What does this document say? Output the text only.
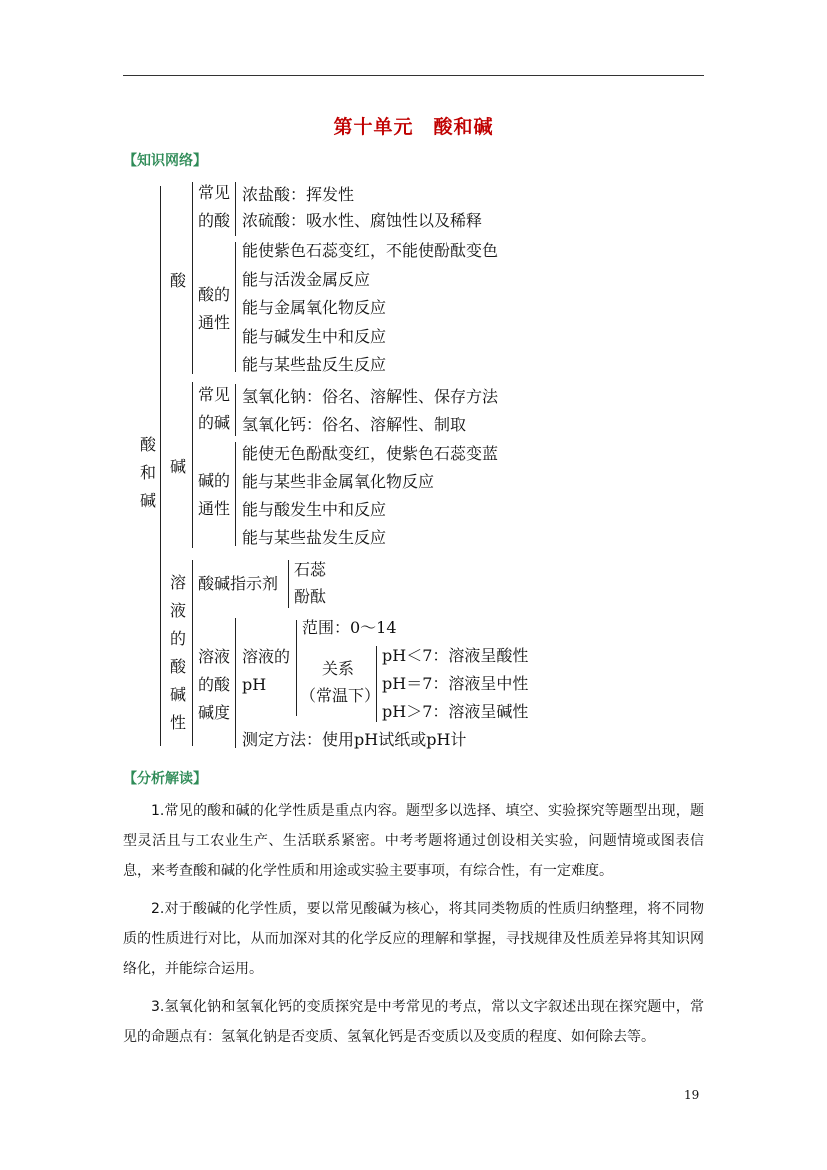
第十单元　酸和碱
【知识网络】
酸
和
碱
酸
常见
的酸
浓盐酸：挥发性
浓硫酸：吸水性、腐蚀性以及稀释
酸的
通性
能使紫色石蕊变红，不能使酚酞变色
能与活泼金属反应
能与金属氧化物反应
能与碱发生中和反应
能与某些盐反生反应
碱
常见
的碱
氢氧化钠：俗名、溶解性、保存方法
氢氧化钙：俗名、溶解性、制取
碱的
通性
能使无色酚酞变红，使紫色石蕊变蓝
能与某些非金属氧化物反应
能与酸发生中和反应
能与某些盐发生反应
溶
液
的
酸
碱
性
酸碱指示剂
石蕊
酚酞
溶液
的酸
碱度
溶液的
pH
范围：0～14
关系
（常温下）
pH＜7：溶液呈酸性
pH＝7：溶液呈中性
pH＞7：溶液呈碱性
测定方法：使用pH试纸或pH计
【分析解读】

1.常见的酸和碱的化学性质是重点内容。题型多以选择、填空、实验探究等题型出现，题型灵活且与工农业生产、生活联系紧密。中考考题将通过创设相关实验，问题情境或图表信息，来考查酸和碱的化学性质和用途或实验主要事项，有综合性，有一定难度。

2.对于酸碱的化学性质，要以常见酸碱为核心，将其同类物质的性质归纳整理，将不同物质的性质进行对比，从而加深对其的化学反应的理解和掌握，寻找规律及性质差异将其知识网络化，并能综合运用。

3.氢氧化钠和氢氧化钙的变质探究是中考常见的考点，常以文字叙述出现在探究题中，常见的命题点有：氢氧化钠是否变质、氢氧化钙是否变质以及变质的程度、如何除去等。

19
